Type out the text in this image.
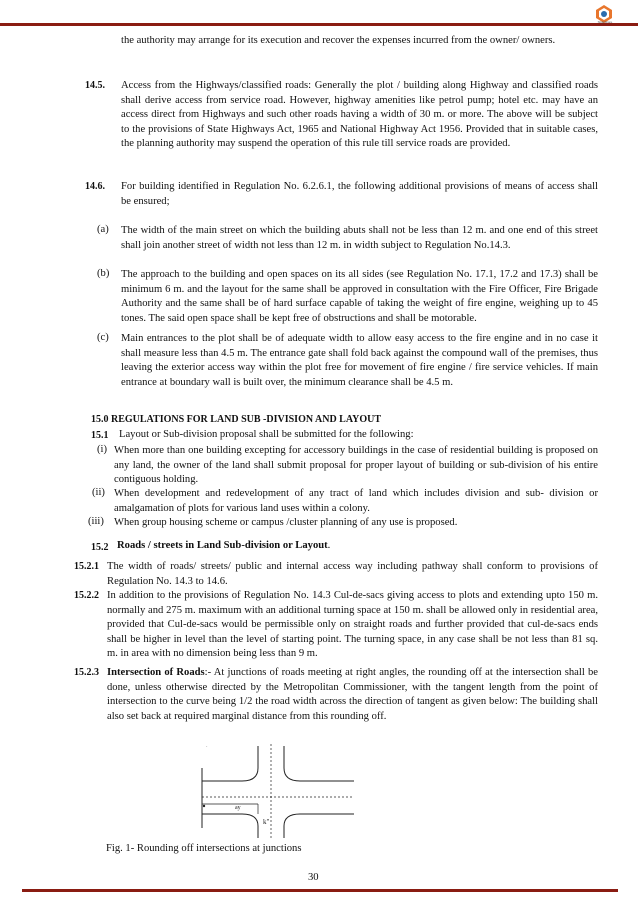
SlideShare
the authority may arrange for its execution and recover the expenses incurred from the owner/ owners.
14.5. Access from the Highways/classified roads: Generally the plot / building along Highway and classified roads shall derive access from service road. However, highway amenities like petrol pump; hotel etc. may have an access direct from Highways and such other roads having a width of 30 m. or more. The above will be subject to the provisions of State Highways Act, 1965 and National Highway Act 1956. Provided that in suitable cases, the planning authority may suspend the operation of this rule till service roads are provided.
14.6. For building identified in Regulation No. 6.2.6.1, the following additional provisions of means of access shall be ensured;
(a) The width of the main street on which the building abuts shall not be less than 12 m. and one end of this street shall join another street of width not less than 12 m. in width subject to Regulation No.14.3.
(b) The approach to the building and open spaces on its all sides (see Regulation No. 17.1, 17.2 and 17.3) shall be minimum 6 m. and the layout for the same shall be approved in consultation with the Fire Officer, Fire Brigade Authority and the same shall be of hard surface capable of taking the weight of fire engine, weighing up to 45 tones. The said open space shall be kept free of obstructions and shall be motorable.
(c) Main entrances to the plot shall be of adequate width to allow easy access to the fire engine and in no case it shall measure less than 4.5 m. The entrance gate shall fold back against the compound wall of the premises, thus leaving the exterior access way within the plot free for movement of fire engine / fire service vehicles. If main entrance at boundary wall is built over, the minimum clearance shall be 4.5 m.
15.0 REGULATIONS FOR LAND SUB -DIVISION AND LAYOUT
15.1 Layout or Sub-division proposal shall be submitted for the following:
(i) When more than one building excepting for accessory buildings in the case of residential building is proposed on any land, the owner of the land shall submit proposal for proper layout of building or sub-division of his entire contiguous holding.
(ii) When development and redevelopment of any tract of land which includes division and sub- division or amalgamation of plots for various land uses within a colony.
(iii) When group housing scheme or campus /cluster planning of any use is proposed.
15.2 Roads / streets in Land Sub-division or Layout.
15.2.1 The width of roads/ streets/ public and internal access way including pathway shall conform to provisions of Regulation No. 14.3 to 14.6.
15.2.2 In addition to the provisions of Regulation No. 14.3 Cul-de-sacs giving access to plots and extending upto 150 m. normally and 275 m. maximum with an additional turning space at 150 m. shall be allowed only in residential area, provided that Cul-de-sacs would be permissible only on straight roads and further provided that cul-de-sacs ends shall be higher in level than the level of starting point. The turning space, in any case shall be not less than 81 sq. m. in area with no dimension being less than 9 m.
15.2.3 Intersection of Roads:- At junctions of roads meeting at right angles, the rounding off at the intersection shall be done, unless otherwise directed by the Metropolitan Commissioner, with the tangent length from the point of intersection to the curve being 1/2 the road width across the direction of tangent as given below: The building shall also set back at required marginal distance from this rounding off.
ay
k"
·
Fig. 1- Rounding off intersections at junctions
30
